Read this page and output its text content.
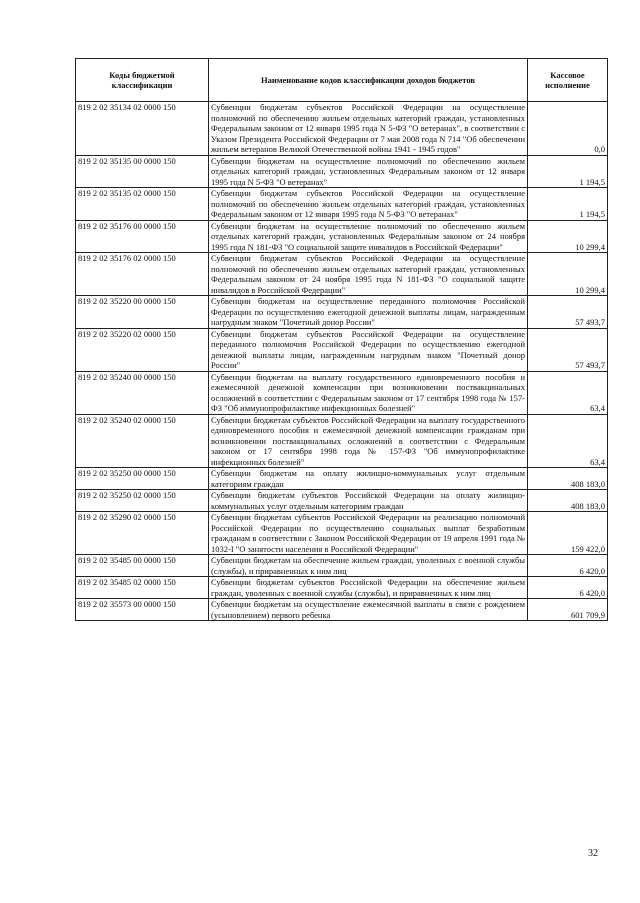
Коды бюджетной классификации	Наименование кодов классификации доходов бюджетов	Кассовое исполнение
819 2 02 35134 02 0000 150	Субвенции бюджетам субъектов Российской Федерации на осуществление полномочий по обеспечению жильем отдельных категорий граждан, установленных Федеральным законом от 12 января 1995 года N 5-ФЗ "О ветеранах", в соответствии с Указом Президента Российской Федерации от 7 мая 2008 года N 714 "Об обеспечении жильем ветеранов Великой Отечественной войны 1941 - 1945 годов"	0,0
819 2 02 35135 00 0000 150	Субвенции бюджетам на осуществление полномочий по обеспечению жильем отдельных категорий граждан, установленных Федеральным законом от 12 января 1995 года N 5-ФЗ "О ветеранах"	1 194,5
819 2 02 35135 02 0000 150	Субвенции бюджетам субъектов Российской Федерации на осуществление полномочий по обеспечению жильем отдельных категорий граждан, установленных Федеральным законом от 12 января 1995 года N 5-ФЗ "О ветеранах"	1 194,5
819 2 02 35176 00 0000 150	Субвенции бюджетам на осуществление полномочий по обеспечению жильем отдельных категорий граждан, установленных Федеральным законом от 24 ноября 1995 года N 181-ФЗ "О социальной защите инвалидов в Российской Федерации"	10 299,4
819 2 02 35176 02 0000 150	Субвенции бюджетам субъектов Российской Федерации на осуществление полномочий по обеспечению жильем отдельных категорий граждан, установленных Федеральным законом от 24 ноября 1995 года N 181-ФЗ "О социальной защите инвалидов в Российской Федерации"	10 299,4
819 2 02 35220 00 0000 150	Субвенции бюджетам на осуществление переданного полномочия Российской Федерации по осуществлению ежегодной денежной выплаты лицам, награжденным нагрудным знаком "Почетный донор России"	57 493,7
819 2 02 35220 02 0000 150	Субвенции бюджетам субъектов Российской Федерации на осуществление переданного полномочия Российской Федерации по осуществлению ежегодной денежной выплаты лицам, награжденным нагрудным знаком "Почетный донор России"	57 493,7
819 2 02 35240 00 0000 150	Субвенции бюджетам на выплату государственного единовременного пособия и ежемесячной денежной компенсации при возникновении поствакцинальных осложнений в соответствии с Федеральным законом от 17 сентября 1998 года № 157-ФЗ "Об иммунопрофилактике инфекционных болезней"	63,4
819 2 02 35240 02 0000 150	Субвенции бюджетам субъектов Российской Федерации на выплату государственного единовременного пособия и ежемесячной денежной компенсации гражданам при возникновении поствакцинальных осложнений в соответствии с Федеральным законом от 17 сентября 1998 года № 157-ФЗ "Об иммунопрофилактике инфекционных болезней"	63,4
819 2 02 35250 00 0000 150	Субвенции бюджетам на оплату жилищно-коммунальных услуг отдельным категориям граждан	408 183,0
819 2 02 35250 02 0000 150	Субвенции бюджетам субъектов Российской Федерации на оплату жилищно-коммунальных услуг отдельным категориям граждан	408 183,0
819 2 02 35290 02 0000 150	Субвенции бюджетам субъектов Российской Федерации на реализацию полномочий Российской Федерации по осуществлению социальных выплат безработным гражданам в соответствии с Законом Российской Федерации от 19 апреля 1991 года № 1032-I "О занятости населения в Российской Федерации"	159 422,0
819 2 02 35485 00 0000 150	Субвенции бюджетам на обеспечение жильем граждан, уволенных с военной службы (службы), и приравненных к ним лиц	6 420,0
819 2 02 35485 02 0000 150	Субвенции бюджетам субъектов Российской Федерации на обеспечение жильем граждан, уволенных с военной службы (службы), и приравненных к ним лиц	6 420,0
819 2 02 35573 00 0000 150	Субвенции бюджетам на осуществление ежемесячной выплаты в связи с рождением (усыновлением) первого ребенка	601 709,9
32
